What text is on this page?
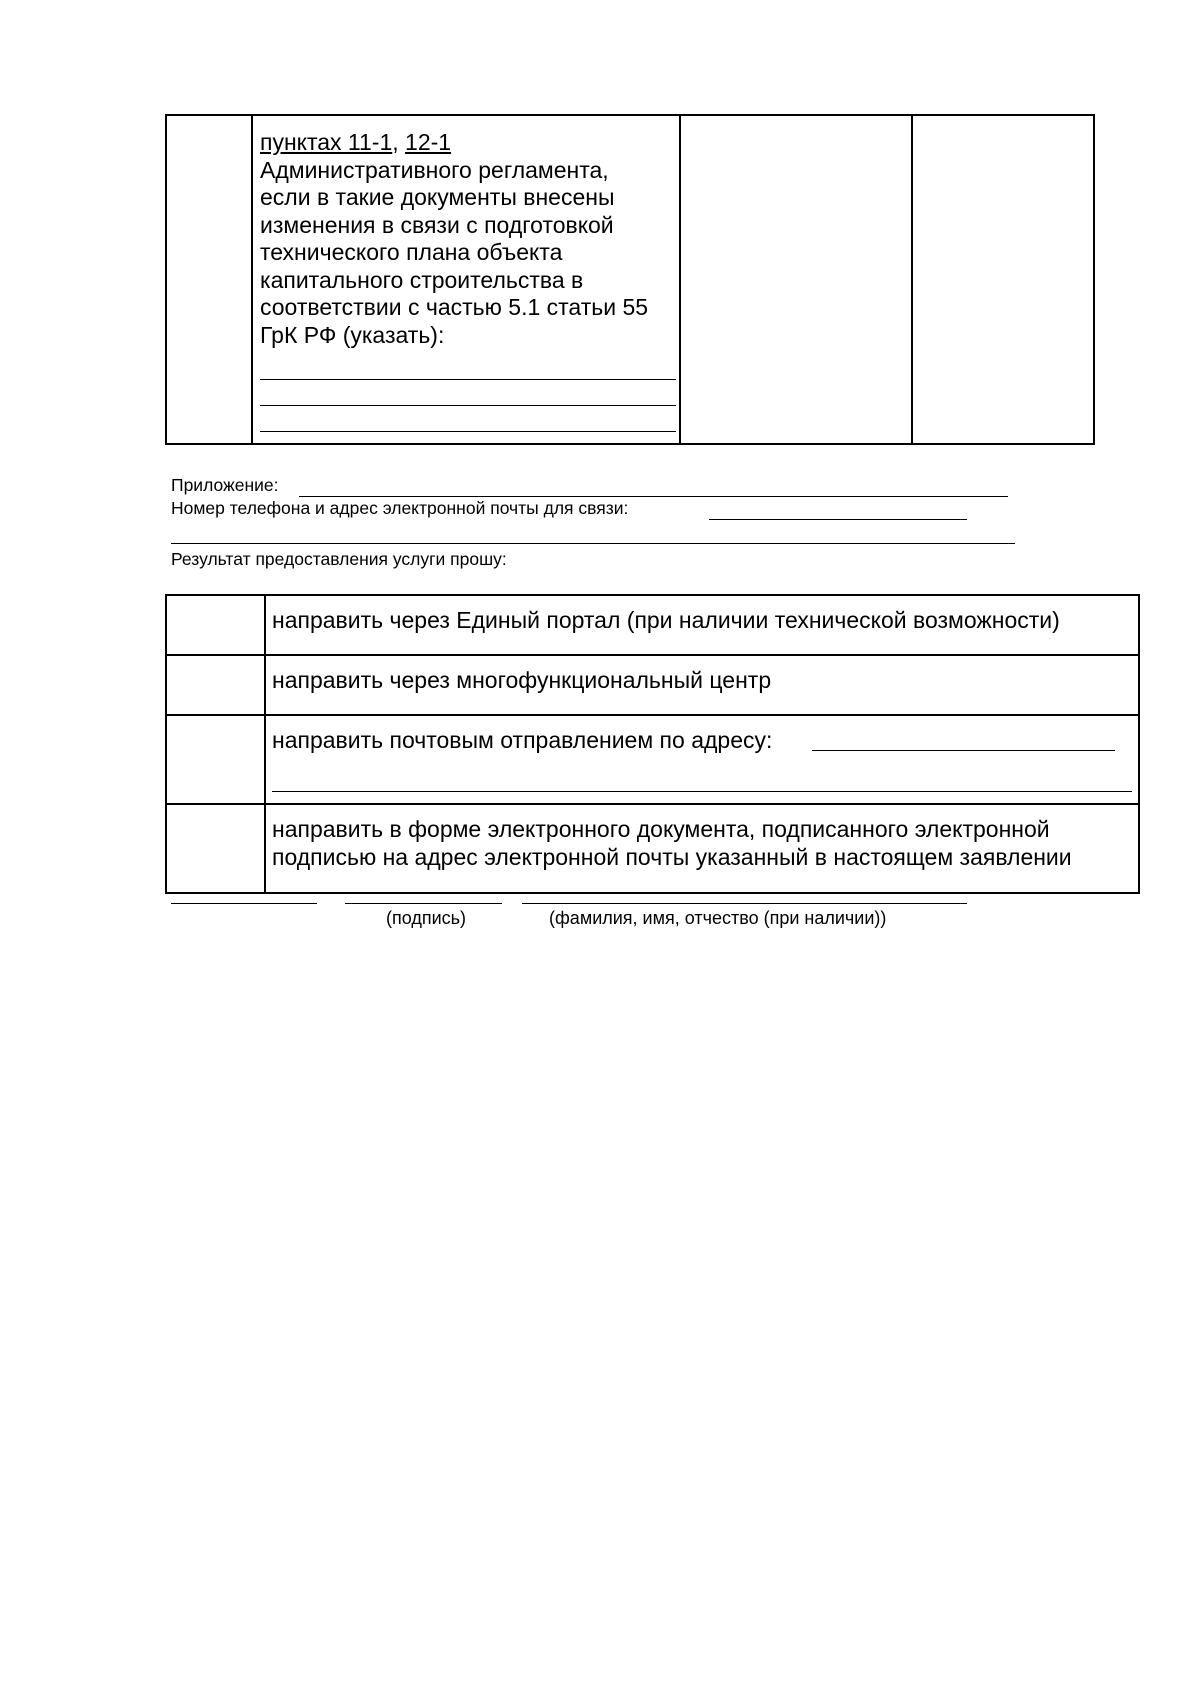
пунктах 11-1, 12-1
Административного регламента,
если в такие документы внесены
изменения в связи с подготовкой
технического плана объекта
капитального строительства в
соответствии с частью 5.1 статьи 55
ГрК РФ (указать):

Приложение:
Номер телефона и адрес электронной почты для связи:
Результат предоставления услуги прошу:
	направить через Единый портал (при наличии технической возможности)
	направить через многофункциональный центр
	направить почтовым отправлением по адресу:

	направить в форме электронного документа, подписанного электронной
подписью на адрес электронной почты указанный в настоящем заявлении
(подпись)	(фамилия, имя, отчество (при наличии))
